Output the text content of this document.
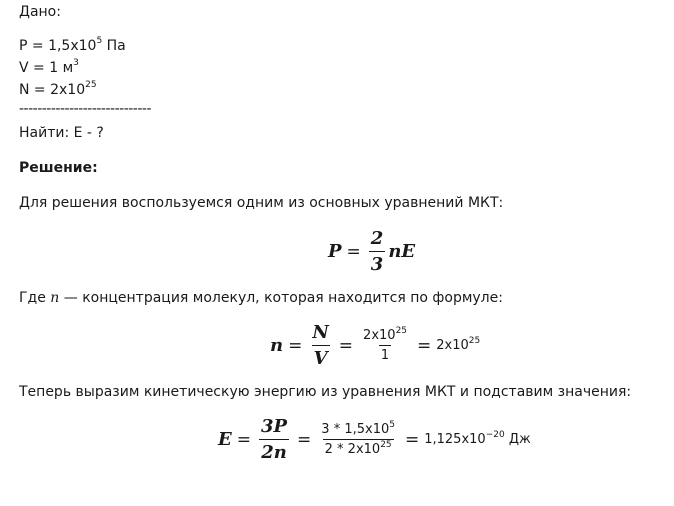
Дано:
$P = 1,5x10^5$ Па
V = 1 $м^3$
$N = 2x10^{25}$
-----------------------------
Найти: E - ?
Решение:
Для решения воспользуемся одним из основных уравнений МКТ:
$P = \frac{2}{3}$ nE
Где n — концентрация молекул, которая находится по формуле:
$n = \frac{N}{V} = \frac{2x10^{25}}{1} = 2x10^{25}$
Теперь выразим кинетическую энергию из уравнения МКТ и подставим значения:
$E = \frac{3P}{2n} = \frac{3 * 1,5x10^5}{2 * 2x10^{25}} = 1,125x10^{-20}$ Дж
